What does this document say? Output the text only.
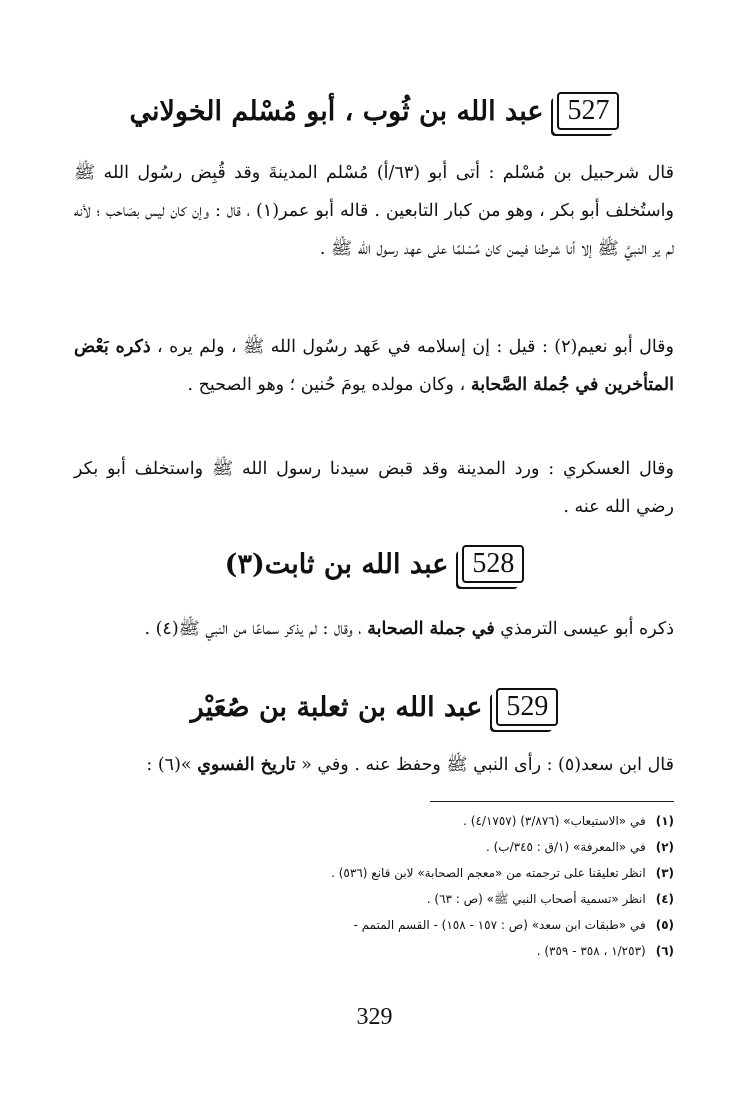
527
عبد الله بن ثُوب ، أبو مُسْلم الخولاني
قال شرحبيل بن مُسْلم : أتى أبو (٦٣/أ) مُسْلم المدينةَ وقد قُبِض رسُول الله ﷺ واستُخلف أبو بكر ، وهو من كبار التابعين . قاله أبو عمر(١) ، قال : وإن كان ليس بصَاحب ؛ لأنه لم ير النبيَّ ﷺ إلا أنا شرطنا فيمن كان مُسْلمًا على عهد رسول الله ﷺ .
وقال أبو نعيم(٢) : قيل : إن إسلامه في عَهد رسُول الله ﷺ ، ولم يره ، ذكره بَعْض المتأخرين في جُملة الصَّحابة ، وكان مولده يومَ حُنين ؛ وهو الصحيح .
وقال العسكري : ورد المدينة وقد قبض سيدنا رسول الله ﷺ واستخلف أبو بكر رضي الله عنه .
528
عبد الله بن ثابت(٣)
ذكره أبو عيسى الترمذي في جملة الصحابة ، وقال : لم يذكر سماعًا من النبي ﷺ(٤) .
529
عبد الله بن ثعلبة بن صُعَيْر
قال ابن سعد(٥) : رأى النبي ﷺ وحفظ عنه . وفي « تاريخ الفسوي »(٦) :
(١)في «الاستيعاب» (٣/٨٧٦) (٤/١٧٥٧) .
(٢)في «المعرفة» (١/ق : ٣٤٥/ب) .
(٣)انظر تعليقنا على ترجمته من «معجم الصحابة» لابن قانع (٥٣٦) .
(٤)انظر «تسمية أصحاب النبي ﷺ» (ص : ٦٣) .
(٥)في «طبقات ابن سعد» (ص : ١٥٧ - ١٥٨) - القسم المتمم -
(٦)(١/٢٥٣ ، ٣٥٨ - ٣٥٩) .
329
